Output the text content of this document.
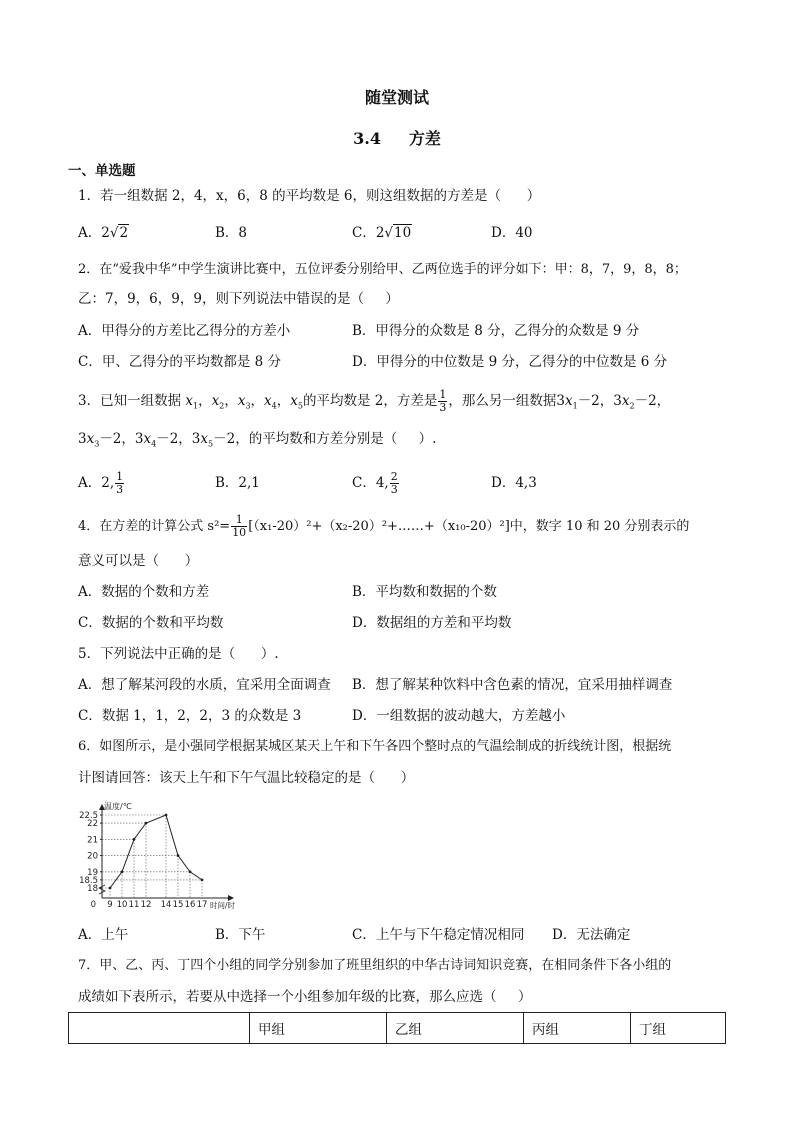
随堂测试
3.4     方差
一、单选题
1．若一组数据 2，4，x，6，8 的平均数是 6，则这组数据的方差是（      ）
A．2√2	B．8	C．2√10	D．40
2．在“爱我中华”中学生演讲比赛中，五位评委分别给甲、乙两位选手的评分如下：甲：8，7，9，8，8；
乙：7，9，6，9，9，则下列说法中错误的是（     ）
A．甲得分的方差比乙得分的方差小	B．甲得分的众数是 8 分，乙得分的众数是 9 分
C．甲、乙得分的平均数都是 8 分	D．甲得分的中位数是 9 分，乙得分的中位数是 6 分
3．已知一组数据 $x_1$，$x_2$，$x_3$，$x_4$，$x_5$的平均数是 2，方差是 $\frac{1}{3}$ ，那么另一组数据$3x_1-2$，$3x_2-2$，
$3x_3-2$，$3x_4-2$，$3x_5-2$，的平均数和方差分别是（     ）.
A．2, $\frac{1}{3}$	B．2,1	C．4, $\frac{2}{3}$	D．4,3
4．在方差的计算公式 $s^2= \frac{1}{10}$ [（x₁-20）²+（x₂-20）²+……+（x₁₀-20）²]中，数字 10 和 20 分别表示的
意义可以是（      ）
A．数据的个数和方差	B．平均数和数据的个数
C．数据的个数和平均数	D．数据组的方差和平均数
5．下列说法中正确的是（      ）.
A．想了解某河段的水质，宜采用全面调查 B．想了解某种饮料中含色素的情况，宜采用抽样调查
C．数据 1，1，2，2，3 的众数是 3	D．一组数据的波动越大，方差越小
6．如图所示，是小强同学根据某城区某天上午和下午各四个整时点的气温绘制成的折线统计图，根据统
计图请回答：该天上午和下午气温比较稳定的是（      ）
温度/℃
22.5
22
21
20
19
18.5
18
0 9 10 11 12 14 15 16 17 时间/时
A．上午	B．下午	C．上午与下午稳定情况相同 D．无法确定
7．甲、乙、丙、丁四个小组的同学分别参加了班里组织的中华古诗词知识竞赛，在相同条件下各小组的
成绩如下表所示，若要从中选择一个小组参加年级的比赛，那么应选（     ）
	甲组	乙组	丙组	丁组
